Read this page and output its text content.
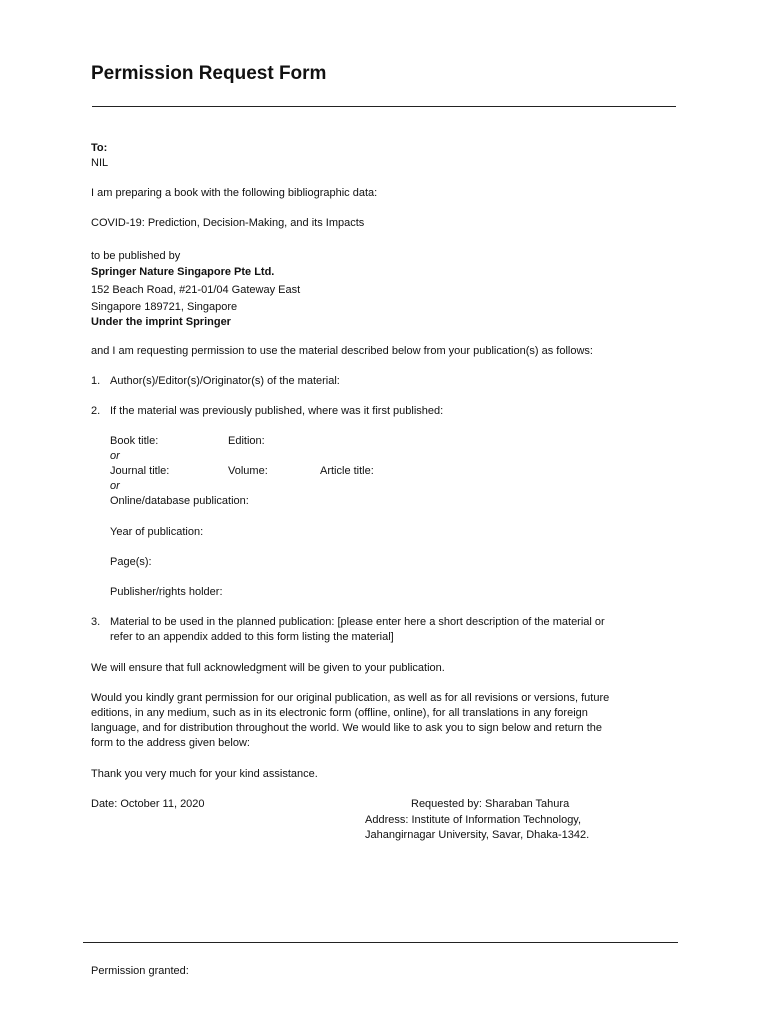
Permission Request Form
To:
NIL
I am preparing a book with the following bibliographic data:
COVID-19: Prediction, Decision-Making, and its Impacts
to be published by
Springer Nature Singapore Pte Ltd.
152 Beach Road, #21-01/04 Gateway East
Singapore 189721, Singapore
Under the imprint Springer
and I am requesting permission to use the material described below from your publication(s) as follows:
1. Author(s)/Editor(s)/Originator(s) of the material:
2. If the material was previously published, where was it first published:
Book title:	Edition:
or
Journal title:	Volume:	Article title:
or
Online/database publication:
Year of publication:
Page(s):
Publisher/rights holder:
3. Material to be used in the planned publication: [please enter here a short description of the material or
refer to an appendix added to this form listing the material]
We will ensure that full acknowledgment will be given to your publication.
Would you kindly grant permission for our original publication, as well as for all revisions or versions, future
editions, in any medium, such as in its electronic form (offline, online), for all translations in any foreign
language, and for distribution throughout the world. We would like to ask you to sign below and return the
form to the address given below:
Thank you very much for your kind assistance.
Date: October 11, 2020	Requested by: Sharaban Tahura
Address: Institute of Information Technology,
Jahangirnagar University, Savar, Dhaka-1342.
Permission granted:
